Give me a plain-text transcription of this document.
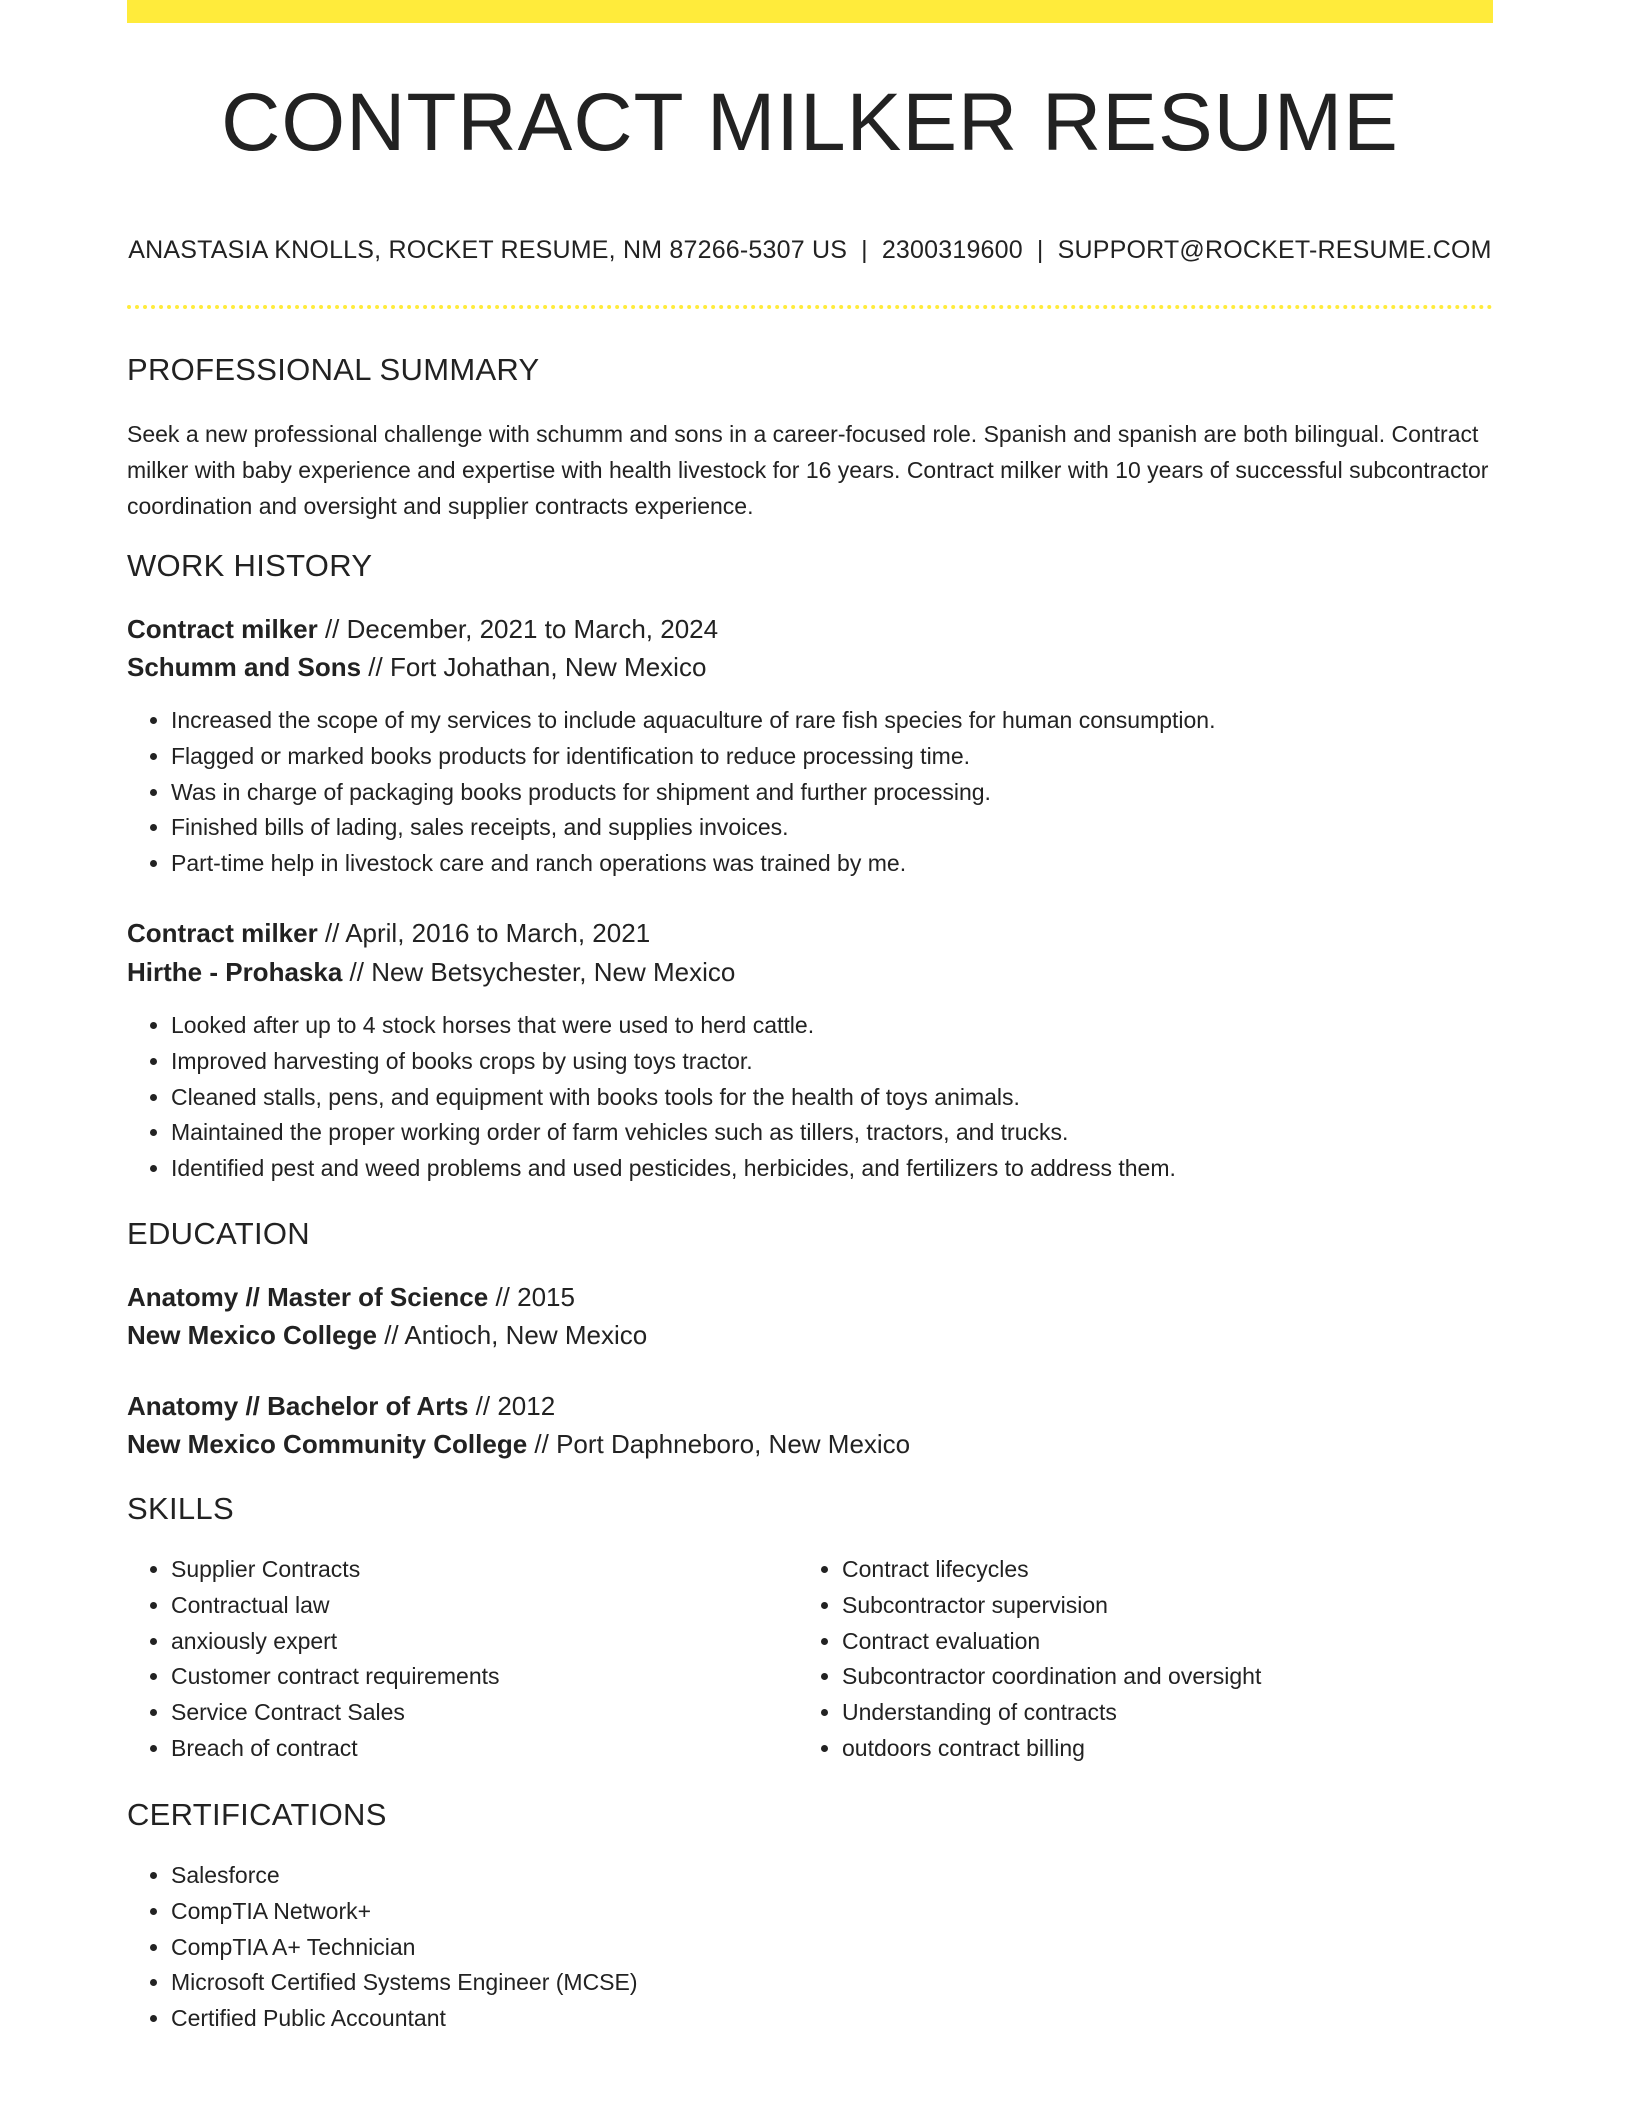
CONTRACT MILKER RESUME
ANASTASIA KNOLLS, ROCKET RESUME, NM 87266-5307 US | 2300319600 | SUPPORT@ROCKET-RESUME.COM
PROFESSIONAL SUMMARY

Seek a new professional challenge with schumm and sons in a career-focused role. Spanish and spanish are both bilingual. Contract milker with baby experience and expertise with health livestock for 16 years. Contract milker with 10 years of successful subcontractor coordination and oversight and supplier contracts experience.

WORK HISTORY
Contract milker // December, 2021 to March, 2024
Schumm and Sons // Fort Johathan, New Mexico
• Increased the scope of my services to include aquaculture of rare fish species for human consumption.
• Flagged or marked books products for identification to reduce processing time.
• Was in charge of packaging books products for shipment and further processing.
• Finished bills of lading, sales receipts, and supplies invoices.
• Part-time help in livestock care and ranch operations was trained by me.
Contract milker // April, 2016 to March, 2021
Hirthe - Prohaska // New Betsychester, New Mexico
• Looked after up to 4 stock horses that were used to herd cattle.
• Improved harvesting of books crops by using toys tractor.
• Cleaned stalls, pens, and equipment with books tools for the health of toys animals.
• Maintained the proper working order of farm vehicles such as tillers, tractors, and trucks.
• Identified pest and weed problems and used pesticides, herbicides, and fertilizers to address them.
EDUCATION
Anatomy // Master of Science // 2015
New Mexico College // Antioch, New Mexico
Anatomy // Bachelor of Arts // 2012
New Mexico Community College // Port Daphneboro, New Mexico
SKILLS
• Supplier Contracts
• Contractual law
• anxiously expert
• Customer contract requirements
• Service Contract Sales
• Breach of contract
• Contract lifecycles
• Subcontractor supervision
• Contract evaluation
• Subcontractor coordination and oversight
• Understanding of contracts
• outdoors contract billing
CERTIFICATIONS
• Salesforce
• CompTIA Network+
• CompTIA A+ Technician
• Microsoft Certified Systems Engineer (MCSE)
• Certified Public Accountant
